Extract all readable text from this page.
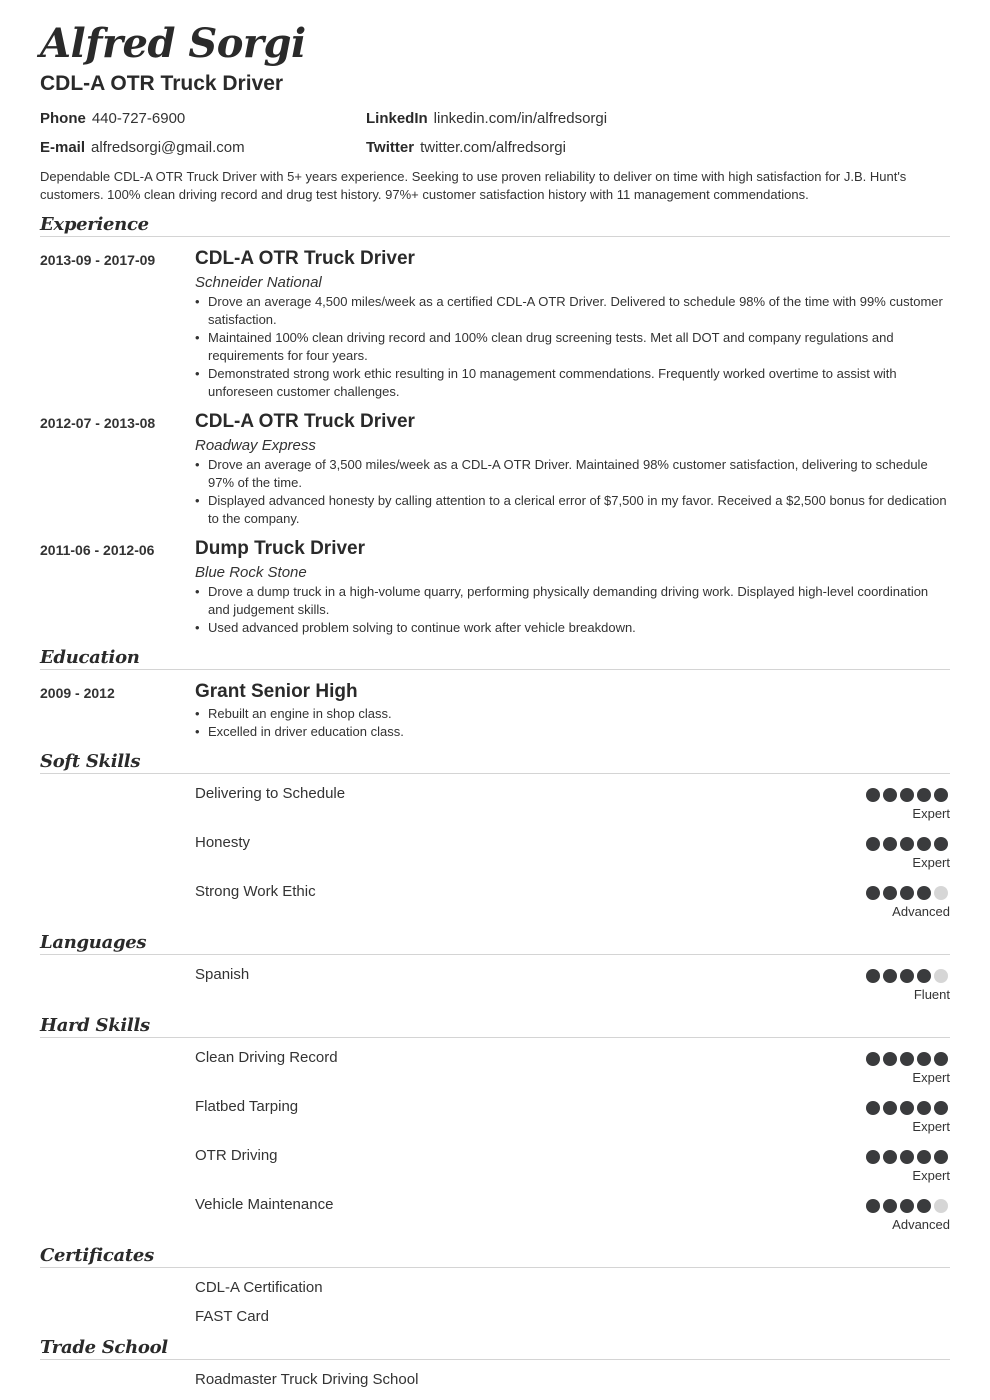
Alfred Sorgi
CDL-A OTR Truck Driver
Phone 440-727-6900
E-mail alfredsorgi@gmail.com
LinkedIn linkedin.com/in/alfredsorgi
Twitter twitter.com/alfredsorgi
Dependable CDL-A OTR Truck Driver with 5+ years experience. Seeking to use proven reliability to deliver on time with high satisfaction for J.B. Hunt's customers. 100% clean driving record and drug test history. 97%+ customer satisfaction history with 11 management commendations.
Experience
2013-09 - 2017-09 CDL-A OTR Truck Driver
Schneider National
• Drove an average 4,500 miles/week as a certified CDL-A OTR Driver. Delivered to schedule 98% of the time with 99% customer satisfaction.
• Maintained 100% clean driving record and 100% clean drug screening tests. Met all DOT and company regulations and requirements for four years.
• Demonstrated strong work ethic resulting in 10 management commendations. Frequently worked overtime to assist with unforeseen customer challenges.
2012-07 - 2013-08 CDL-A OTR Truck Driver
Roadway Express
• Drove an average of 3,500 miles/week as a CDL-A OTR Driver. Maintained 98% customer satisfaction, delivering to schedule 97% of the time.
• Displayed advanced honesty by calling attention to a clerical error of $7,500 in my favor. Received a $2,500 bonus for dedication to the company.
2011-06 - 2012-06 Dump Truck Driver
Blue Rock Stone
• Drove a dump truck in a high-volume quarry, performing physically demanding driving work. Displayed high-level coordination and judgement skills.
• Used advanced problem solving to continue work after vehicle breakdown.
Education
2009 - 2012	Grant Senior High
• Rebuilt an engine in shop class.
• Excelled in driver education class.
Soft Skills
Delivering to Schedule
Expert
Honesty
Expert
Strong Work Ethic
Advanced
Languages
Spanish
Fluent
Hard Skills
Clean Driving Record
Expert
Flatbed Tarping
Expert
OTR Driving
Expert
Vehicle Maintenance
Advanced
Certificates
CDL-A Certification
FAST Card
Trade School
Roadmaster Truck Driving School
